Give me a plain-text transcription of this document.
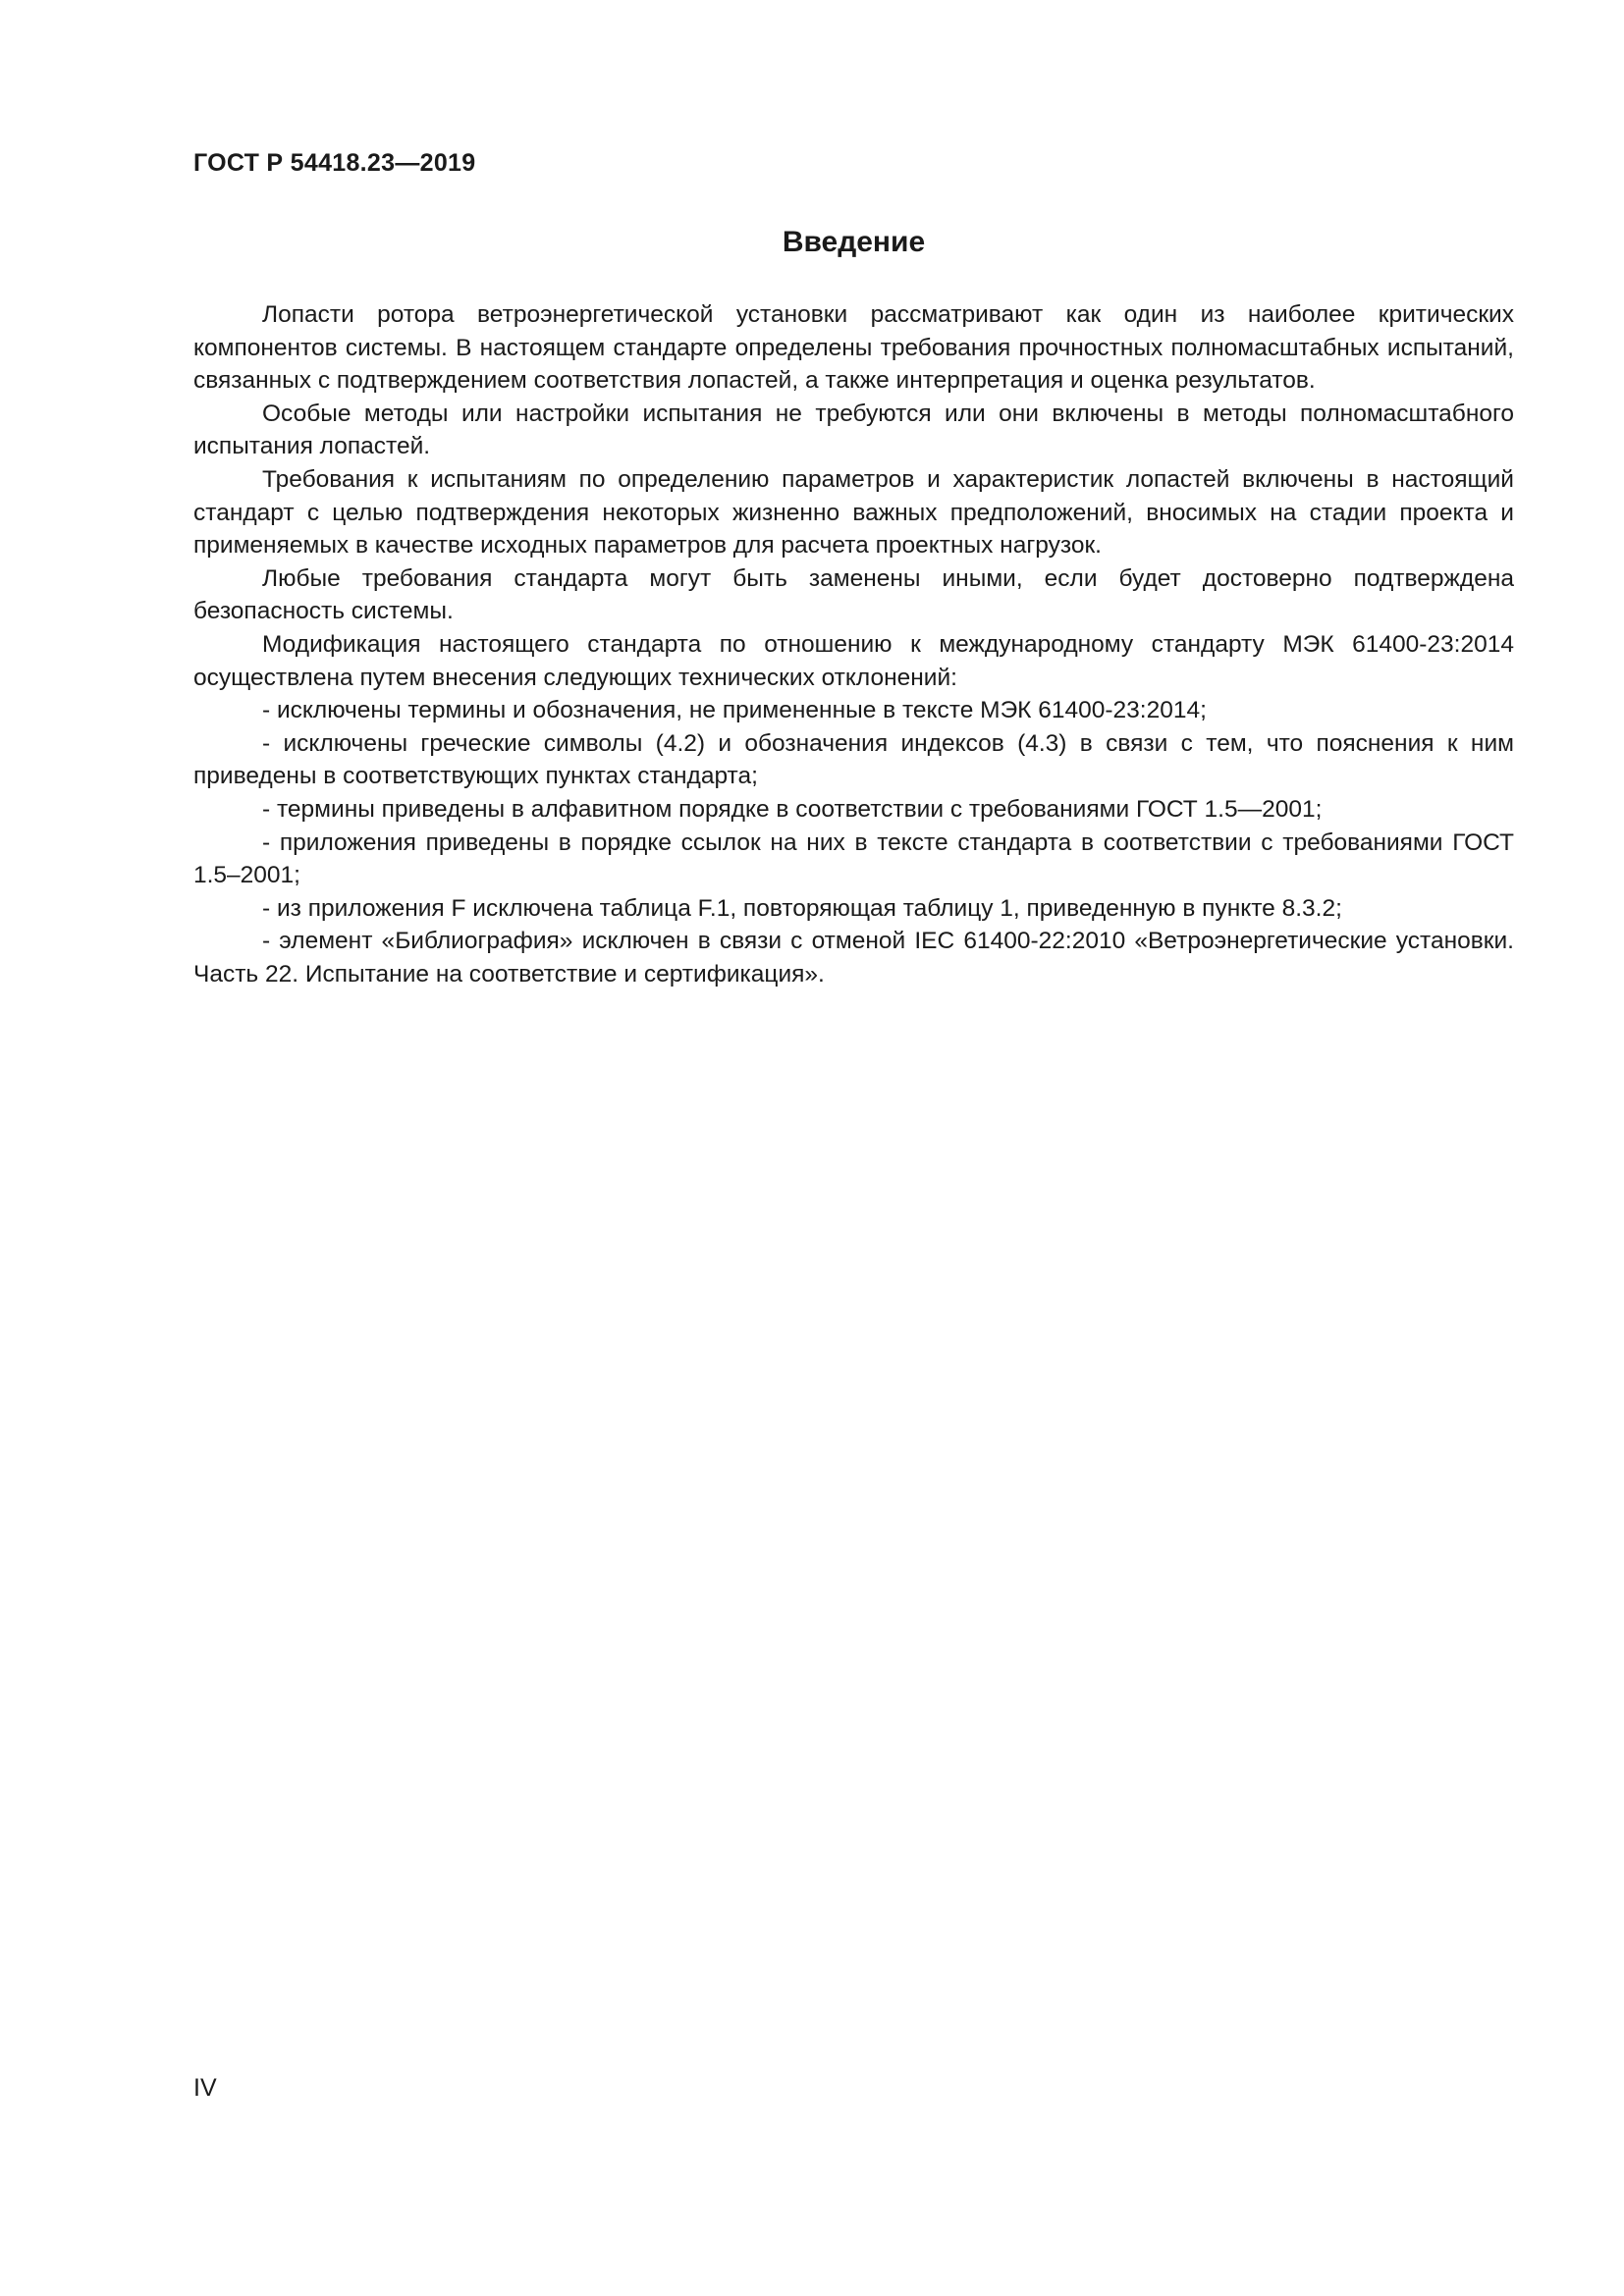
ГОСТ Р 54418.23—2019
Введение

Лопасти ротора ветроэнергетической установки рассматривают как один из наиболее критических компонентов системы. В настоящем стандарте определены требования прочностных полномасштабных испытаний, связанных с подтверждением соответствия лопастей, а также интерпретация и оценка результатов.

Особые методы или настройки испытания не требуются или они включены в методы полномасштабного испытания лопастей.

Требования к испытаниям по определению параметров и характеристик лопастей включены в настоящий стандарт с целью подтверждения некоторых жизненно важных предположений, вносимых на стадии проекта и применяемых в качестве исходных параметров для расчета проектных нагрузок.

Любые требования стандарта могут быть заменены иными, если будет достоверно подтверждена безопасность системы.

Модификация настоящего стандарта по отношению к международному стандарту МЭК 61400-23:2014 осуществлена путем внесения следующих технических отклонений:

- исключены термины и обозначения, не примененные в тексте МЭК 61400-23:2014;

- исключены греческие символы (4.2) и обозначения индексов (4.3) в связи с тем, что пояснения к ним приведены в соответствующих пунктах стандарта;

- термины приведены в алфавитном порядке в соответствии с требованиями ГОСТ 1.5—2001;

- приложения приведены в порядке ссылок на них в тексте стандарта в соответствии с требованиями ГОСТ 1.5–2001;

- из приложения F исключена таблица F.1, повторяющая таблицу 1, приведенную в пункте 8.3.2;

- элемент «Библиография» исключен в связи с отменой IEC 61400-22:2010 «Ветроэнергетические установки. Часть 22. Испытание на соответствие и сертификация».

IV
